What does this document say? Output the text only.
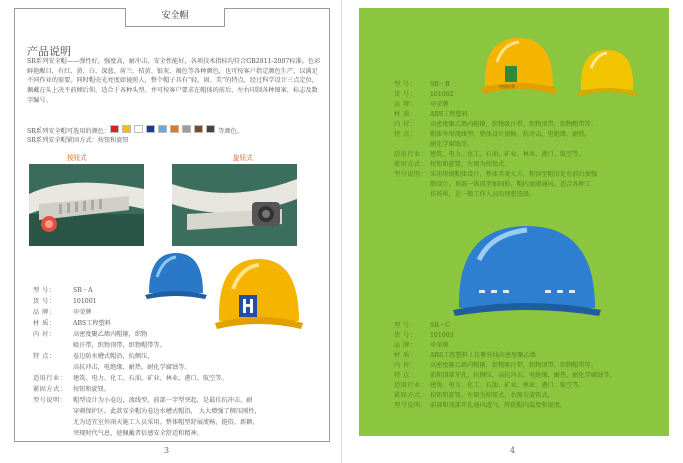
安全帽
产品说明

SR系列安全帽——弹性好，强度高，耐冲击，安全性能好，各项技术指标均符合GB2811-2007标准。色彩鲜艳醒目，有红、黄、白、深蓝、荷兰、桔黄、银灰、褐色等各种颜色，也可按客户指定颜色生产，以满足不同作业的需要。同时帽壳光亮度如镜照人，整个帽子具有“轻、固、美”的特点，经过科学设计三点定位，佩戴在头上决不前倾后仰，适合于各种头型。并可按客户要求在帽体的前后、左右印制各种图案，标志及数字编号。

SR系列安全帽可选用的颜色：	等颜色。
SR系列安全帽紧固方式：按钮和旋钮
按钮式	旋钮式
型 号：	SR－A
货 号：	101001
品 牌：	申荣牌
材 质：	ABS工程塑料
内 衬：	高密度聚乙烯内帽箍，织物
吸汗带，织物顶带，织物帽带等。
特 点：	卷边防水槽式帽沿，抗侧压，
高抗冲击，电绝缘，耐热，耐化学腐蚀等。
适用行业：	建筑、电力、化工、石油、矿业、林业、港口、航空等。
紧固方式：	按钮和旋钮。
型号说明：	帽型设计为小卷边，流线型，前部一字型突起，是最佳抗冲击、耐
穿刺保护区。此款安全帽为卷边水槽式帽沿， 大大增强了侧压刚性，
尤为适宜室外雨天施工人员采用。整体帽型舒展流畅，挺俗，新颖，
突现时代气息，使佩戴者倍感安全舒适和精神。
3
中国申荣
型 号：	SR－B
货 号：	101002
品 牌：	申荣牌
材 质：	ABS工程塑料
内 衬：	高密度聚乙烯内帽箍，织物吸汗带，织物顶带，织物帽带等。
特 点：	帽体外形流线型，整体设计流畅，抗冲击，电绝缘，耐热，
耐化学腐蚀等。
适用行业： 建筑、电力、化工、石油、矿业、林业、港口、航空等。
紧固方式： 按钮和旋钮，左图为按钮式。
型号说明： 采用传统帽体设计，整体美观大方，帽顶至帽沿处有前后加强
筋设计，顶部一体成型加固肋，帽内宽敞通风。适合各种工
作场所，是一般工作人员的理想选择。
型 号：	SR－C
货 号：	101003
品 牌：	申荣牌
材 质：	ABS工程塑料 / 抗紫外线高密度聚乙烯
内 衬：	高密度聚乙烯内帽箍，织物吸汗带，织物顶带，织物帽带等。
特 点：	前和顶部开孔，抗侧压，高抗冲击，电绝缘，耐热，耐化学腐蚀等。
适用行业： 建筑、电力、化工、石油、矿业、林业、港口、航空等。
紧固方式： 按钮和旋钮，左图为按钮式，右图为旋钮式。
型号说明： 前部和顶部开孔通风透气，降低帽内温度和湿度。
4
